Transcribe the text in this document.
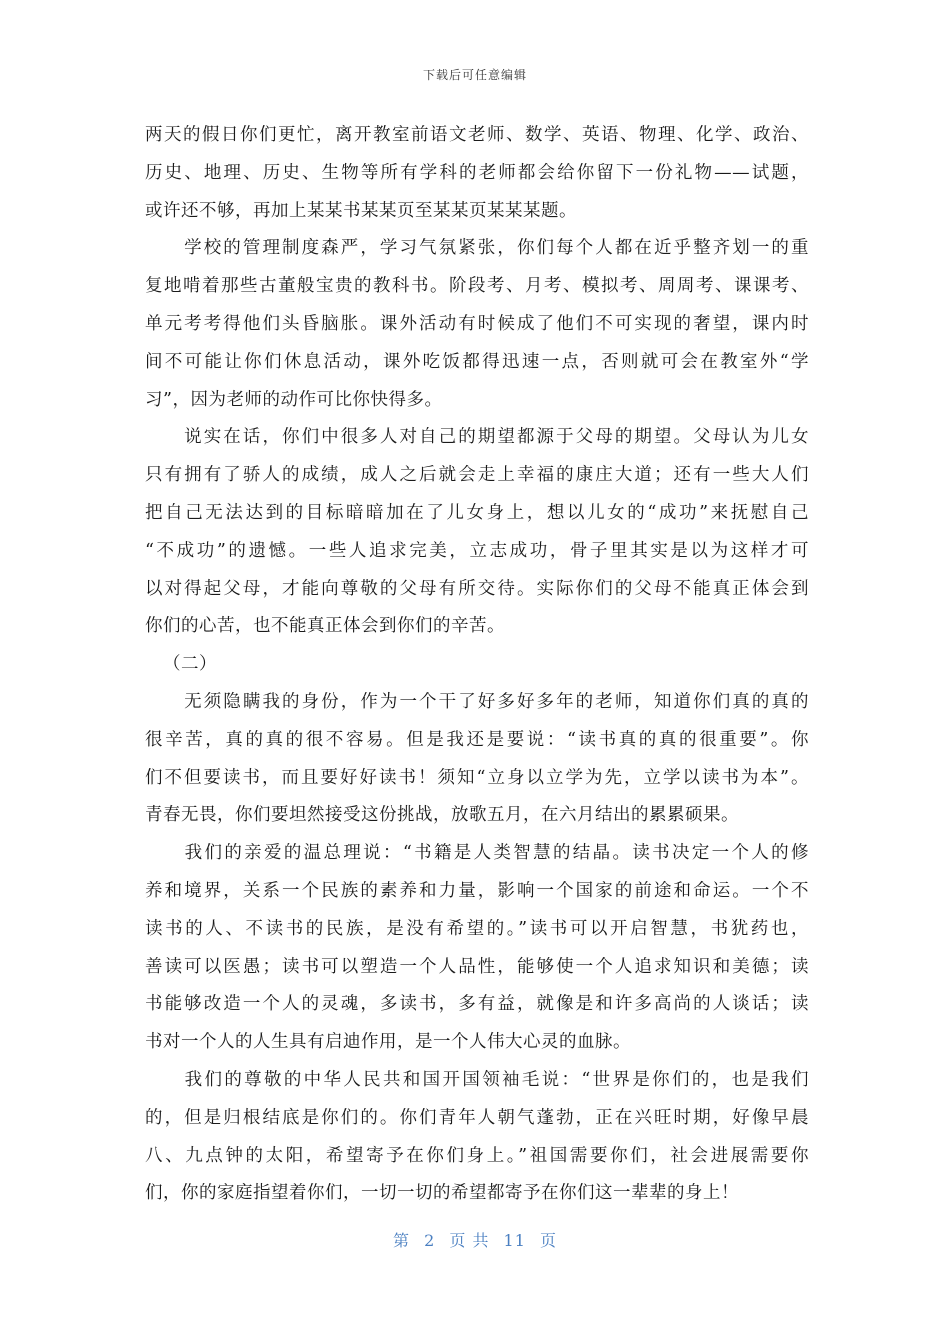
下载后可任意编辑
两天的假日你们更忙，离开教室前语文老师、数学、英语、物理、化学、政治、
历史、地理、历史、生物等所有学科的老师都会给你留下一份礼物——试题，
或许还不够，再加上某某书某某页至某某页某某某题。
　　学校的管理制度森严，学习气氛紧张，你们每个人都在近乎整齐划一的重
复地啃着那些古董般宝贵的教科书。阶段考、月考、模拟考、周周考、课课考、
单元考考得他们头昏脑胀。课外活动有时候成了他们不可实现的奢望，课内时
间不可能让你们休息活动，课外吃饭都得迅速一点，否则就可会在教室外“学
习”，因为老师的动作可比你快得多。
　　说实在话，你们中很多人对自己的期望都源于父母的期望。父母认为儿女
只有拥有了骄人的成绩，成人之后就会走上幸福的康庄大道；还有一些大人们
把自己无法达到的目标暗暗加在了儿女身上，想以儿女的“成功”来抚慰自己
“不成功”的遗憾。一些人追求完美，立志成功，骨子里其实是以为这样才可
以对得起父母，才能向尊敬的父母有所交待。实际你们的父母不能真正体会到
你们的心苦，也不能真正体会到你们的辛苦。
（二）
　　无须隐瞒我的身份，作为一个干了好多好多年的老师，知道你们真的真的
很辛苦，真的真的很不容易。但是我还是要说：“读书真的真的很重要”。你
们不但要读书，而且要好好读书！须知“立身以立学为先，立学以读书为本”。
青春无畏，你们要坦然接受这份挑战，放歌五月，在六月结出的累累硕果。
　　我们的亲爱的温总理说：“书籍是人类智慧的结晶。读书决定一个人的修
养和境界，关系一个民族的素养和力量，影响一个国家的前途和命运。一个不
读书的人、不读书的民族，是没有希望的。”读书可以开启智慧，书犹药也，
善读可以医愚；读书可以塑造一个人品性，能够使一个人追求知识和美德；读
书能够改造一个人的灵魂，多读书，多有益，就像是和许多高尚的人谈话；读
书对一个人的人生具有启迪作用，是一个人伟大心灵的血脉。
　　我们的尊敬的中华人民共和国开国领袖毛说：“世界是你们的，也是我们
的，但是归根结底是你们的。你们青年人朝气蓬勃，正在兴旺时期，好像早晨
八、九点钟的太阳，希望寄予在你们身上。”祖国需要你们，社会进展需要你
们，你的家庭指望着你们，一切一切的希望都寄予在你们这一辈辈的身上！
第 2 页 共 11 页
